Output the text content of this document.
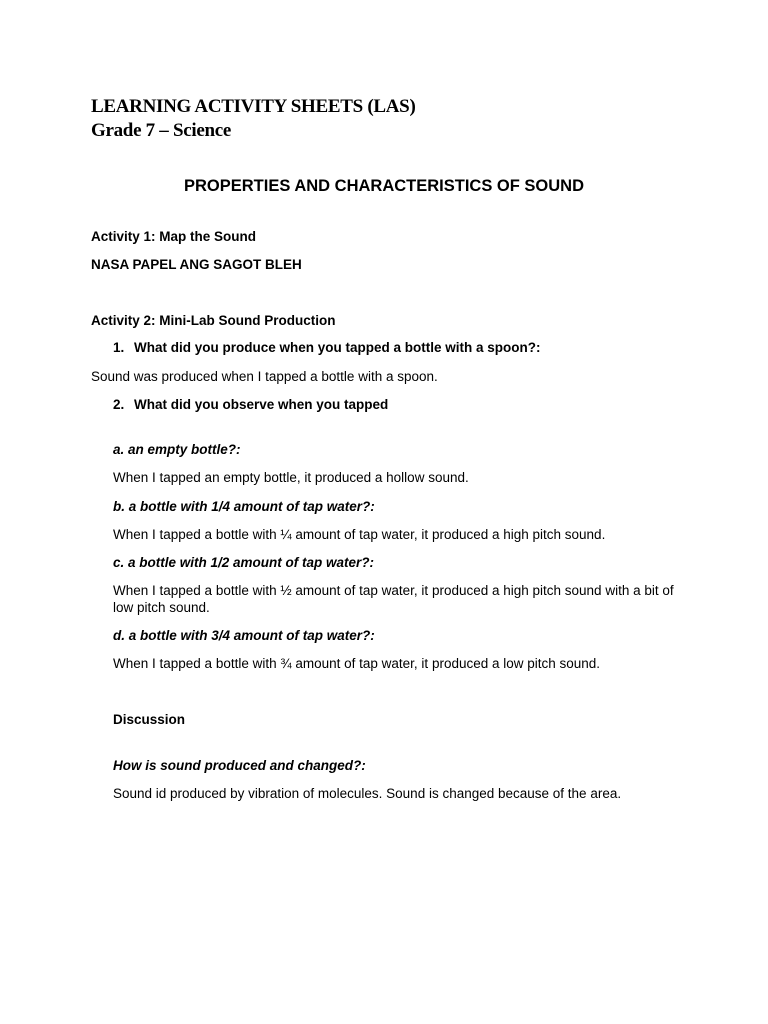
LEARNING ACTIVITY SHEETS (LAS)

Grade 7 – Science

PROPERTIES AND CHARACTERISTICS OF SOUND

Activity 1: Map the Sound

NASA PAPEL ANG SAGOT BLEH

Activity 2: Mini-Lab Sound Production

1. What did you produce when you tapped a bottle with a spoon?:

Sound was produced when I tapped a bottle with a spoon.

2. What did you observe when you tapped

a. an empty bottle?:

When I tapped an empty bottle, it produced a hollow sound.

b. a bottle with 1/4 amount of tap water?:

When I tapped a bottle with ¼ amount of tap water, it produced a high pitch sound.

c. a bottle with 1/2 amount of tap water?:

When I tapped a bottle with ½ amount of tap water, it produced a high pitch sound with a bit of low pitch sound.

d. a bottle with 3/4 amount of tap water?:

When I tapped a bottle with ¾ amount of tap water, it produced a low pitch sound.

Discussion

How is sound produced and changed?:

Sound id produced by vibration of molecules. Sound is changed because of the area.
